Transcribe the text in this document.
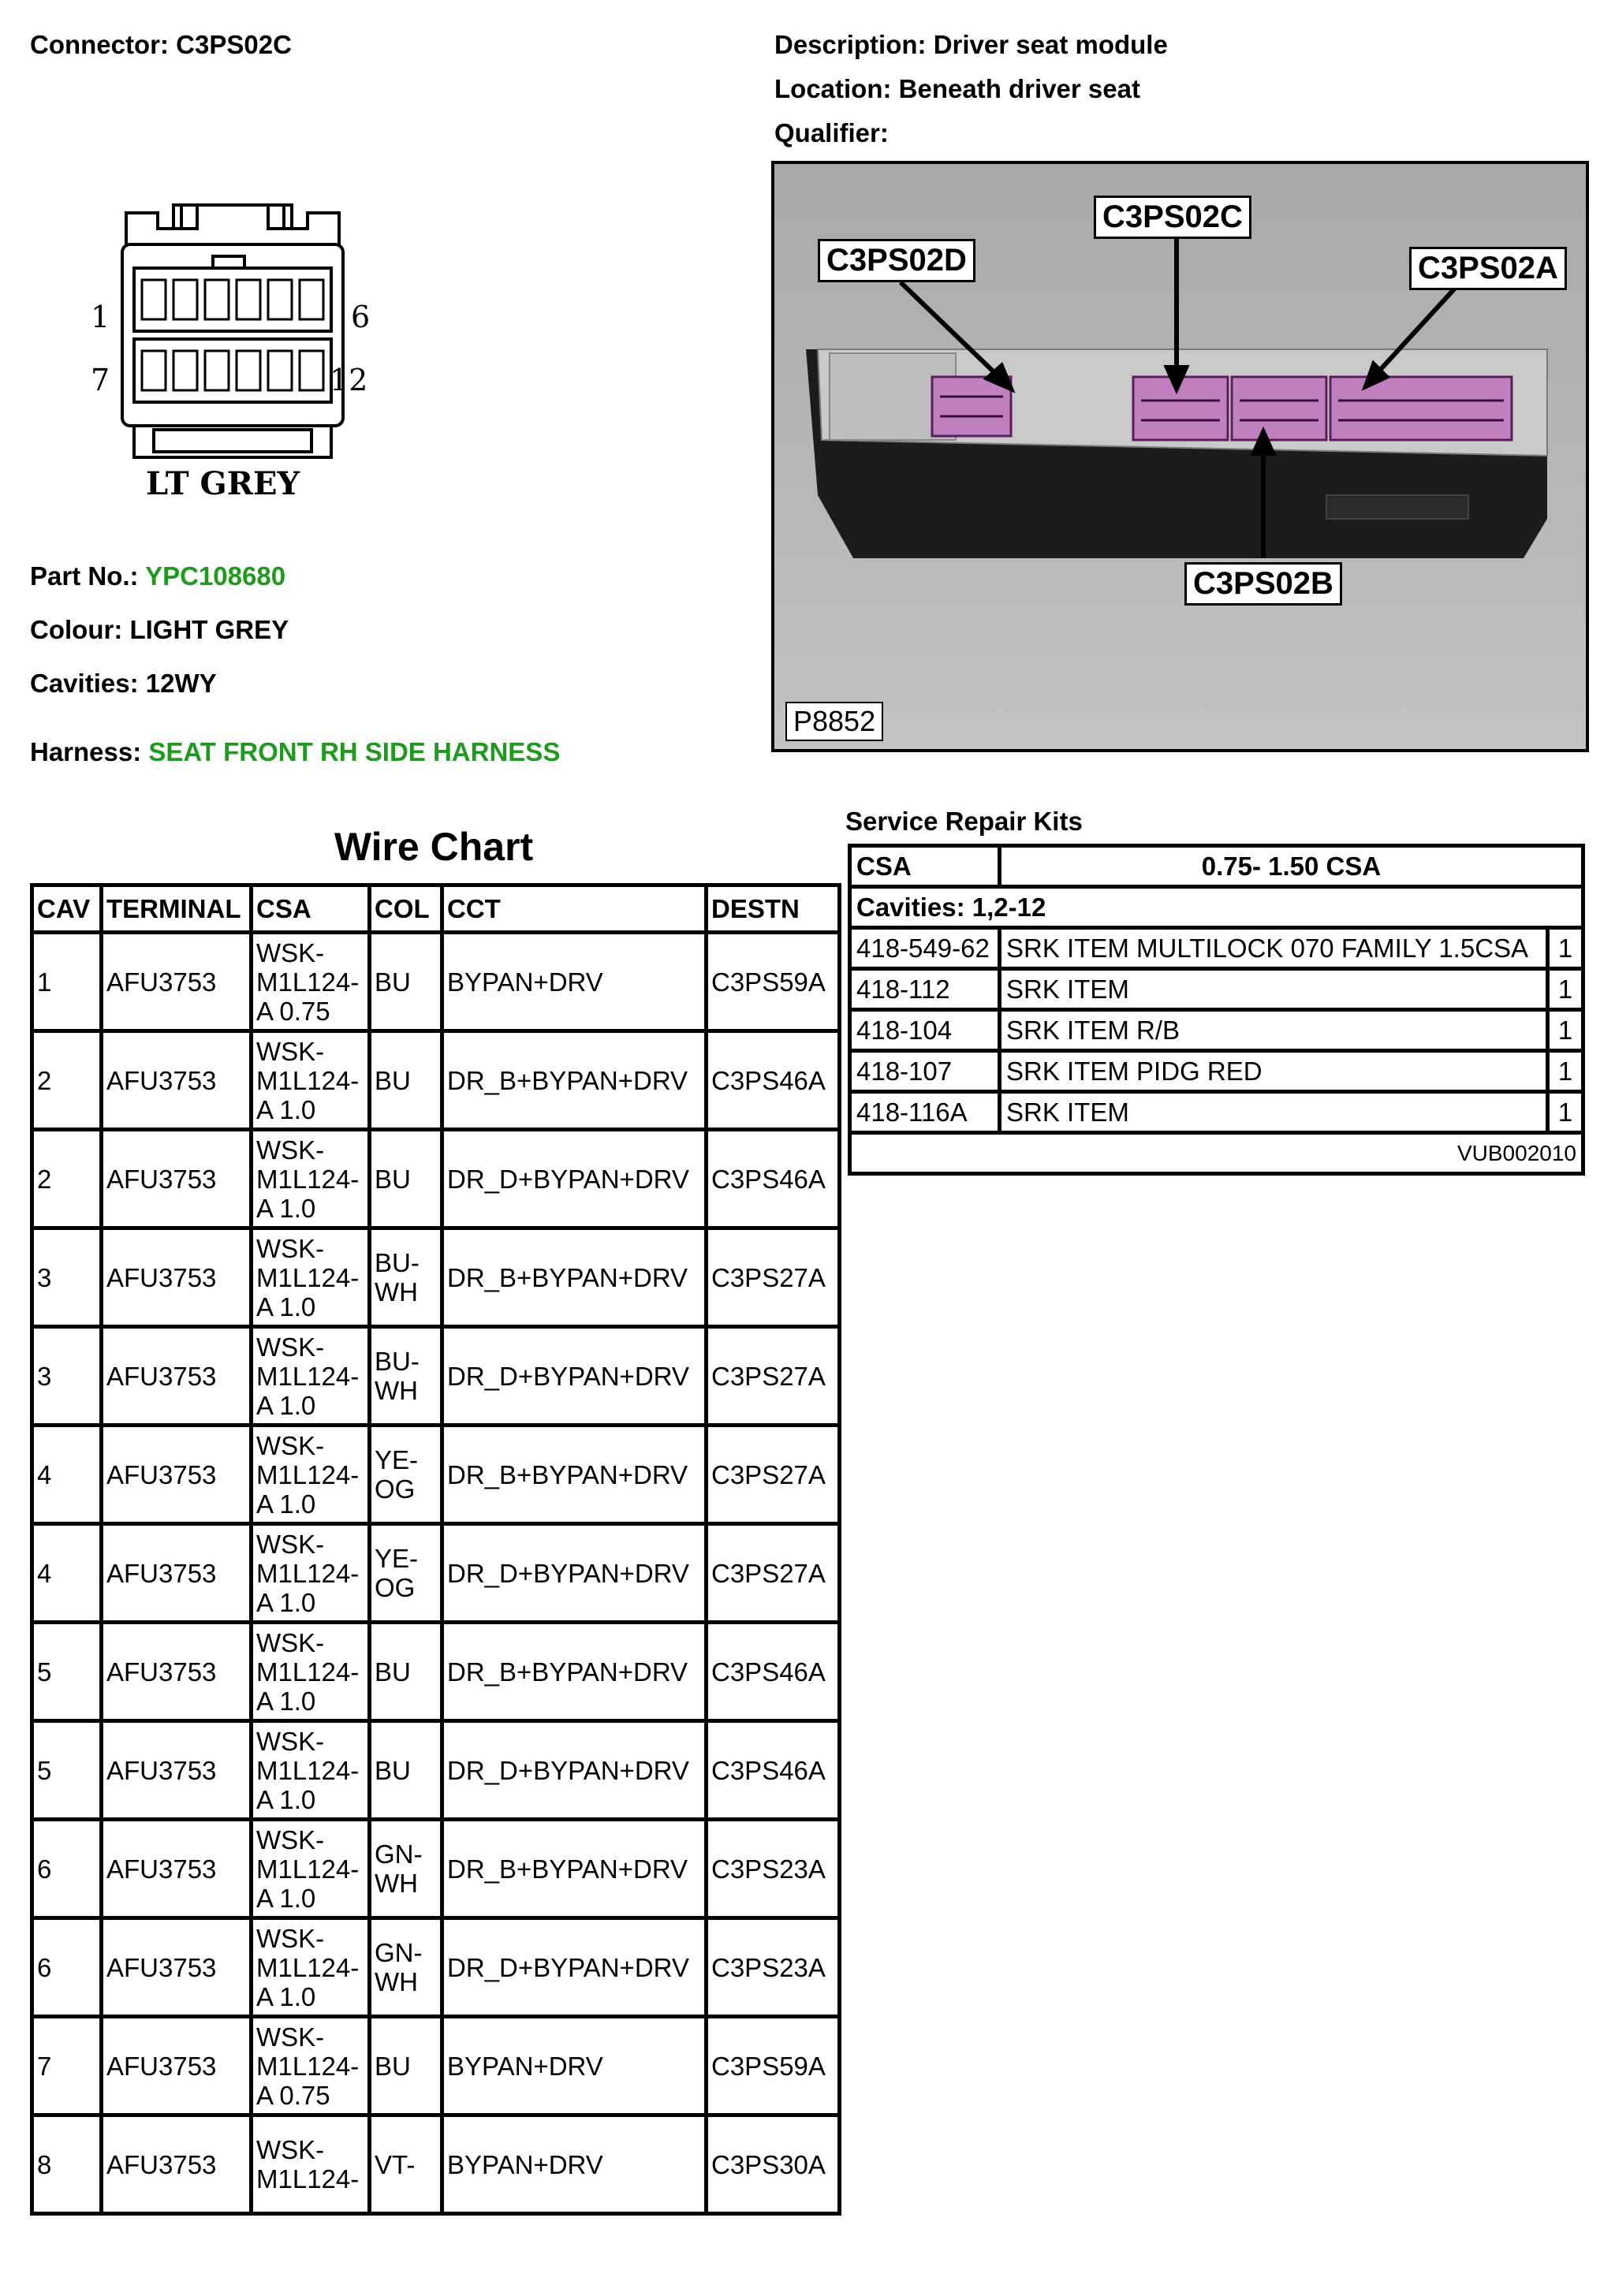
Connector: C3PS02C	Description: Driver seat module
Location: Beneath driver seat
Qualifier:
1	6
7	12
LT GREY
Part No.: YPC108680
Colour: LIGHT GREY
Cavities: 12WY
Harness: SEAT FRONT RH SIDE HARNESS
C3PS02D
C3PS02C
C3PS02A
C3PS02B
P8852
Wire Chart
CAV	TERMINAL	CSA	COL	CCT	DESTN
1	AFU3753	WSK-
M1L124-
A 0.75	BU	BYPAN+DRV	C3PS59A
2	AFU3753	WSK-
M1L124-
A 1.0	BU	DR_B+BYPAN+DRV	C3PS46A
2	AFU3753	WSK-
M1L124-
A 1.0	BU	DR_D+BYPAN+DRV	C3PS46A
3	AFU3753	WSK-
M1L124-
A 1.0	BU-
WH	DR_B+BYPAN+DRV	C3PS27A
3	AFU3753	WSK-
M1L124-
A 1.0	BU-
WH	DR_D+BYPAN+DRV	C3PS27A
4	AFU3753	WSK-
M1L124-
A 1.0	YE-
OG	DR_B+BYPAN+DRV	C3PS27A
4	AFU3753	WSK-
M1L124-
A 1.0	YE-
OG	DR_D+BYPAN+DRV	C3PS27A
5	AFU3753	WSK-
M1L124-
A 1.0	BU	DR_B+BYPAN+DRV	C3PS46A
5	AFU3753	WSK-
M1L124-
A 1.0	BU	DR_D+BYPAN+DRV	C3PS46A
6	AFU3753	WSK-
M1L124-
A 1.0	GN-
WH	DR_B+BYPAN+DRV	C3PS23A
6	AFU3753	WSK-
M1L124-
A 1.0	GN-
WH	DR_D+BYPAN+DRV	C3PS23A
7	AFU3753	WSK-
M1L124-
A 0.75	BU	BYPAN+DRV	C3PS59A
8	AFU3753	WSK-
M1L124-	VT-	BYPAN+DRV	C3PS30A
Service Repair Kits
CSA	0.75- 1.50 CSA	
Cavities: 1,2-12		
418-549-62	SRK ITEM MULTILOCK 070 FAMILY 1.5CSA	1
418-112	SRK ITEM	1
418-104	SRK ITEM R/B	1
418-107	SRK ITEM PIDG RED	1
418-116A	SRK ITEM	1
VUB002010		
